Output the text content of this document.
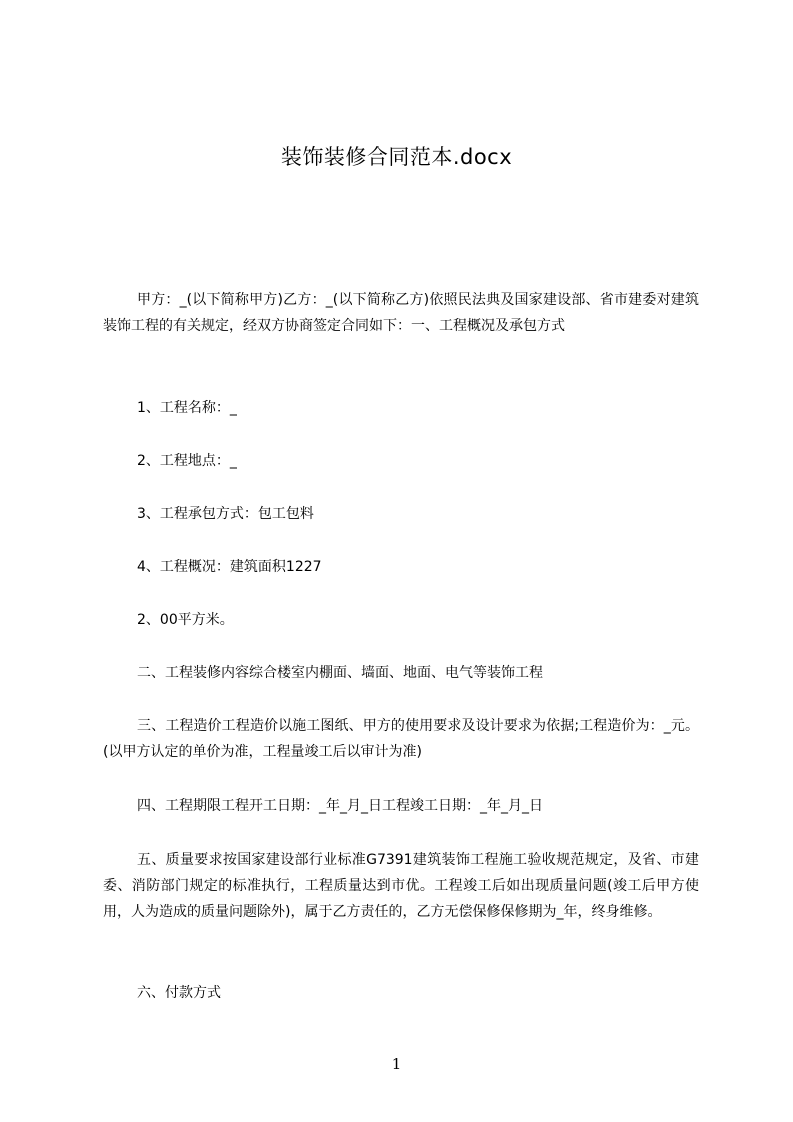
装饰装修合同范本.docx
甲方：_(以下简称甲方)乙方：_(以下简称乙方)依照民法典及国家建设部、省市建委对建筑装饰工程的有关规定，经双方协商签定合同如下：一、工程概况及承包方式
1、工程名称：_
2、工程地点：_
3、工程承包方式：包工包料
4、工程概况：建筑面积1227
2、00平方米。
二、工程装修内容综合楼室内棚面、墙面、地面、电气等装饰工程
三、工程造价工程造价以施工图纸、甲方的使用要求及设计要求为依据;工程造价为：_元。(以甲方认定的单价为准，工程量竣工后以审计为准)
四、工程期限工程开工日期：_年_月_日工程竣工日期：_年_月_日
五、质量要求按国家建设部行业标准G7391建筑装饰工程施工验收规范规定，及省、市建委、消防部门规定的标准执行，工程质量达到市优。工程竣工后如出现质量问题(竣工后甲方使用，人为造成的质量问题除外)，属于乙方责任的，乙方无偿保修保修期为_年，终身维修。
六、付款方式
1
